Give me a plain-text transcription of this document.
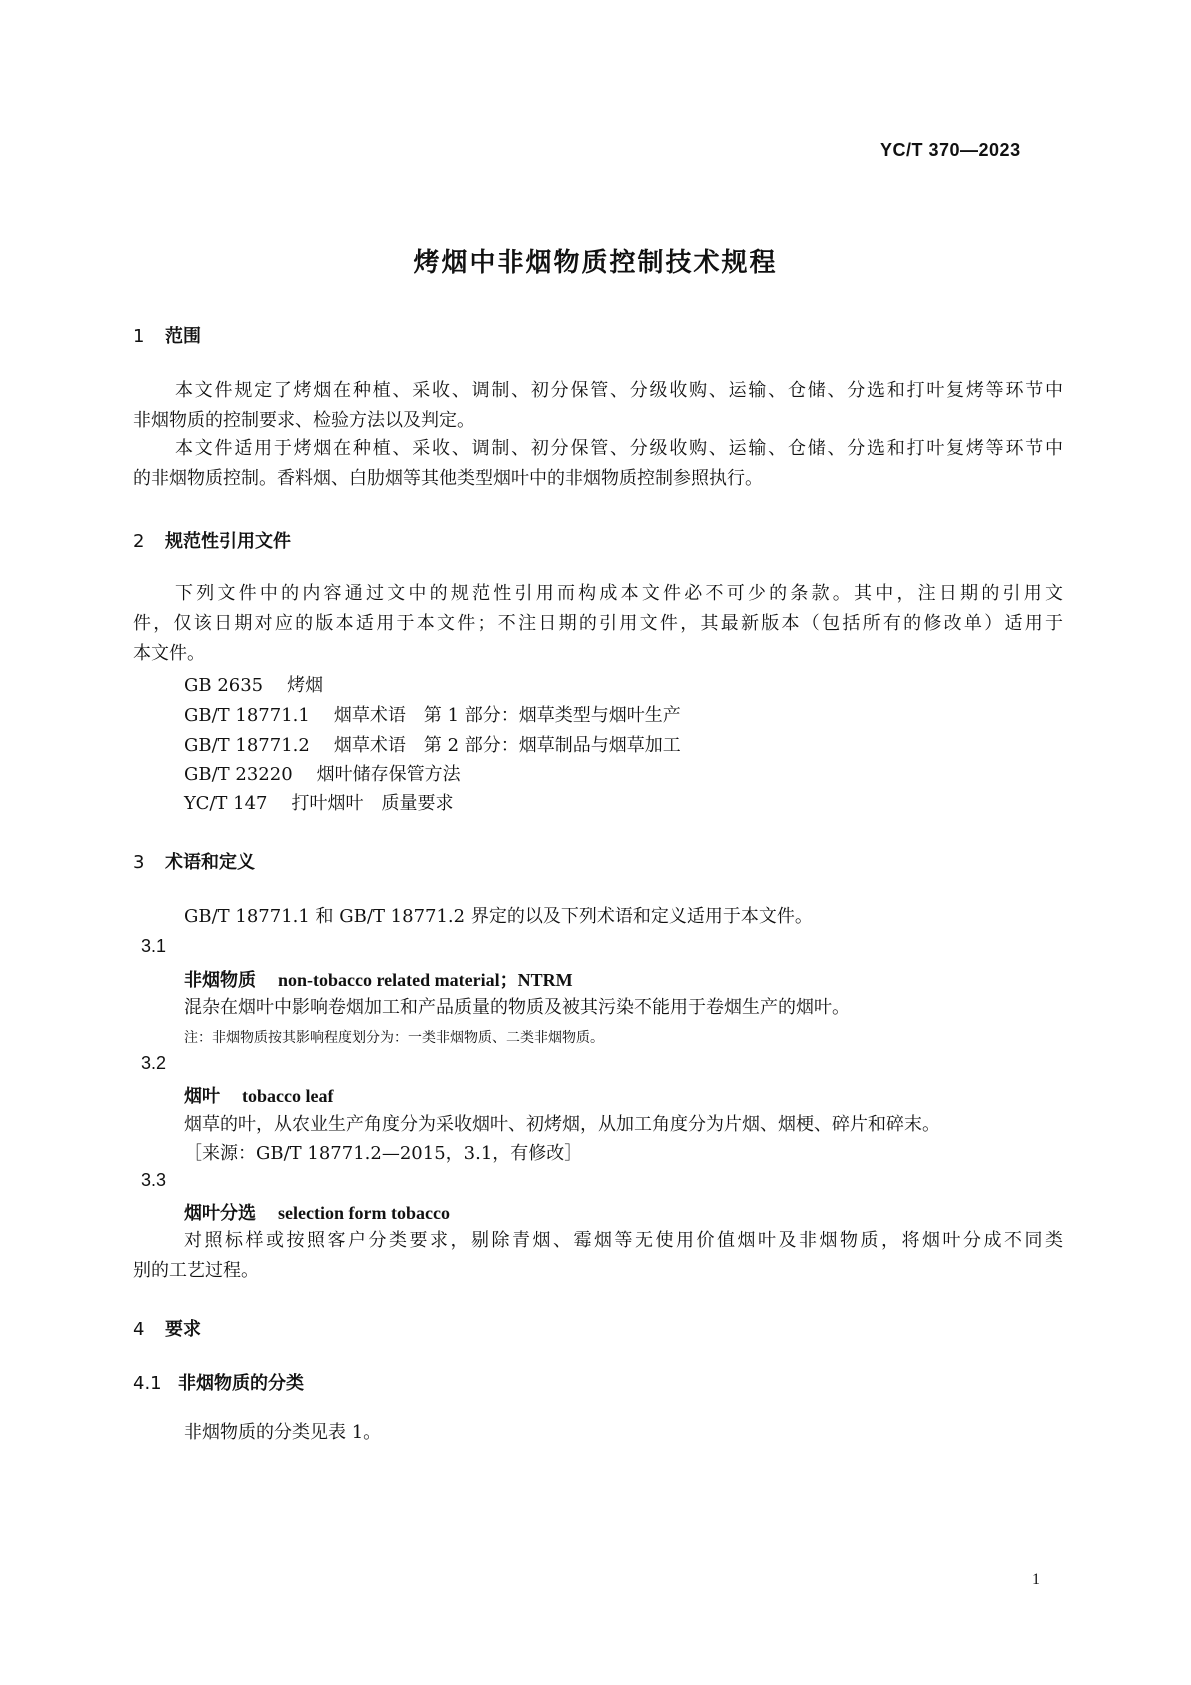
YC/T 370—2023
烤烟中非烟物质控制技术规程
1 范围
本文件规定了烤烟在种植、采收、调制、初分保管、分级收购、运输、仓储、分选和打叶复烤等环节中
非烟物质的控制要求、检验方法以及判定。
本文件适用于烤烟在种植、采收、调制、初分保管、分级收购、运输、仓储、分选和打叶复烤等环节中
的非烟物质控制。香料烟、白肋烟等其他类型烟叶中的非烟物质控制参照执行。
2 规范性引用文件
下列文件中的内容通过文中的规范性引用而构成本文件必不可少的条款。其中，注日期的引用文
件，仅该日期对应的版本适用于本文件；不注日期的引用文件，其最新版本（包括所有的修改单）适用于
本文件。
GB 2635 烤烟
GB/T 18771.1 烟草术语　第 1 部分：烟草类型与烟叶生产
GB/T 18771.2 烟草术语　第 2 部分：烟草制品与烟草加工
GB/T 23220 烟叶储存保管方法
YC/T 147 打叶烟叶　质量要求
3 术语和定义
GB/T 18771.1 和 GB/T 18771.2 界定的以及下列术语和定义适用于本文件。
3.1
非烟物质 non-tobacco related material；NTRM
混杂在烟叶中影响卷烟加工和产品质量的物质及被其污染不能用于卷烟生产的烟叶。
注：非烟物质按其影响程度划分为：一类非烟物质、二类非烟物质。
3.2
烟叶 tobacco leaf
烟草的叶，从农业生产角度分为采收烟叶、初烤烟，从加工角度分为片烟、烟梗、碎片和碎末。
［来源：GB/T 18771.2—2015，3.1，有修改］
3.3
烟叶分选 selection form tobacco
对照标样或按照客户分类要求，剔除青烟、霉烟等无使用价值烟叶及非烟物质，将烟叶分成不同类
别的工艺过程。
4 要求
4.1 非烟物质的分类
非烟物质的分类见表 1。
1
